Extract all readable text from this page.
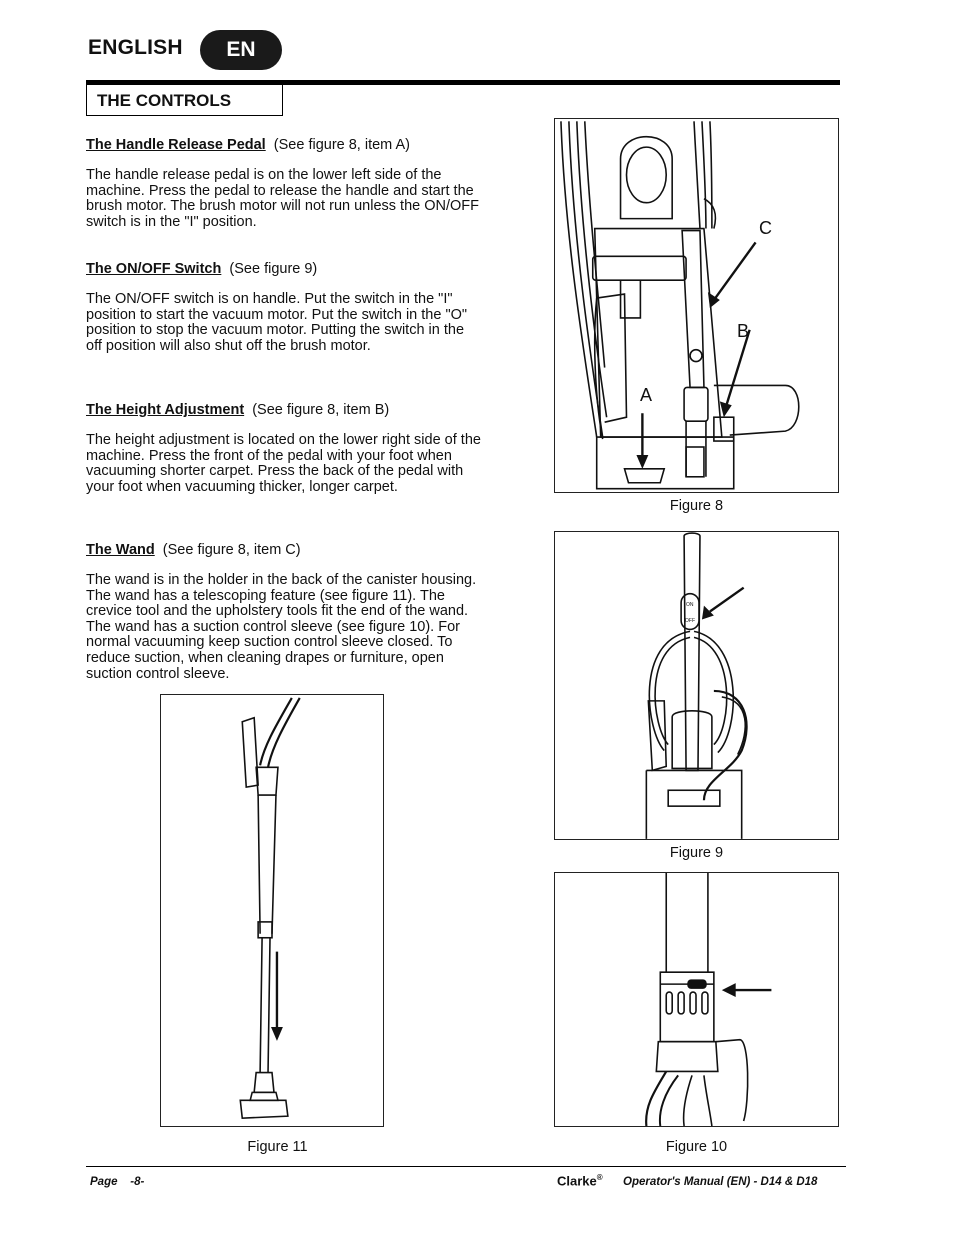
ENGLISH	EN
THE CONTROLS
The Handle Release Pedal (See figure 8, item A)
The handle release pedal is on the lower left side of the machine. Press the pedal to release the handle and start the brush motor. The brush motor will not run unless the ON/OFF switch is in the "I" position.
The ON/OFF Switch (See figure 9)
The ON/OFF switch is on handle. Put the switch in the "I" position to start the vacuum motor. Put the switch in the "O" position to stop the vacuum motor. Putting the switch in the off position will also shut off the brush motor.
The Height Adjustment (See figure 8, item B)
The height adjustment is located on the lower right side of the machine. Press the front of the pedal with your foot when vacuuming shorter carpet. Press the back of the pedal with your foot when vacuuming thicker, longer carpet.
The Wand (See figure 8, item C)
The wand is in the holder in the back of the canister housing. The wand has a telescoping feature (see figure 11). The crevice tool and the upholstery tools fit the end of the wand. The wand has a suction control sleeve (see figure 10). For normal vacuuming keep suction control sleeve closed. To reduce suction, when cleaning drapes or furniture, open suction control sleeve.
A
B
C
Figure 8
ON
OFF
Figure 9
Figure 10
Figure 11
Page    -8-	Clarke® Operator's Manual (EN) - D14 & D18
